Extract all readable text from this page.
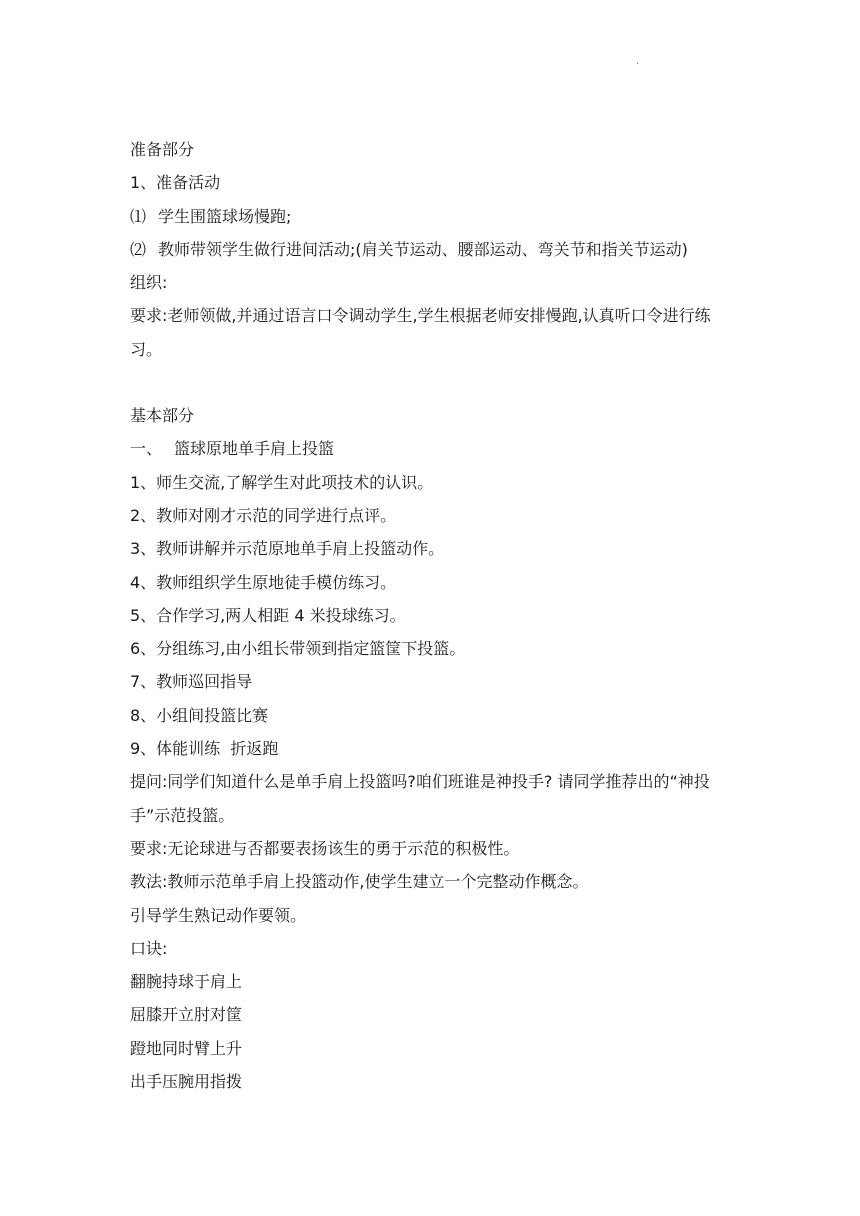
.
准备部分
1、准备活动
⑴ 学生围篮球场慢跑;
⑵ 教师带领学生做行进间活动;(肩关节运动、腰部运动、弯关节和指关节运动)
组织:
要求:老师领做,并通过语言口令调动学生,学生根据老师安排慢跑,认真听口令进行练习。
基本部分
一、 篮球原地单手肩上投篮
1、师生交流,了解学生对此项技术的认识。
2、教师对刚才示范的同学进行点评。
3、教师讲解并示范原地单手肩上投篮动作。
4、教师组织学生原地徒手模仿练习。
5、合作学习,两人相距 4 米投球练习。
6、分组练习,由小组长带领到指定篮筐下投篮。
7、教师巡回指导
8、小组间投篮比赛
9、体能训练  折返跑
提问:同学们知道什么是单手肩上投篮吗?咱们班谁是神投手? 请同学推荐出的“神投手”示范投篮。
要求:无论球进与否都要表扬该生的勇于示范的积极性。
教法:教师示范单手肩上投篮动作,使学生建立一个完整动作概念。
引导学生熟记动作要领。
口诀:
翻腕持球于肩上
屈膝开立肘对筐
蹬地同时臂上升
出手压腕用指拨
